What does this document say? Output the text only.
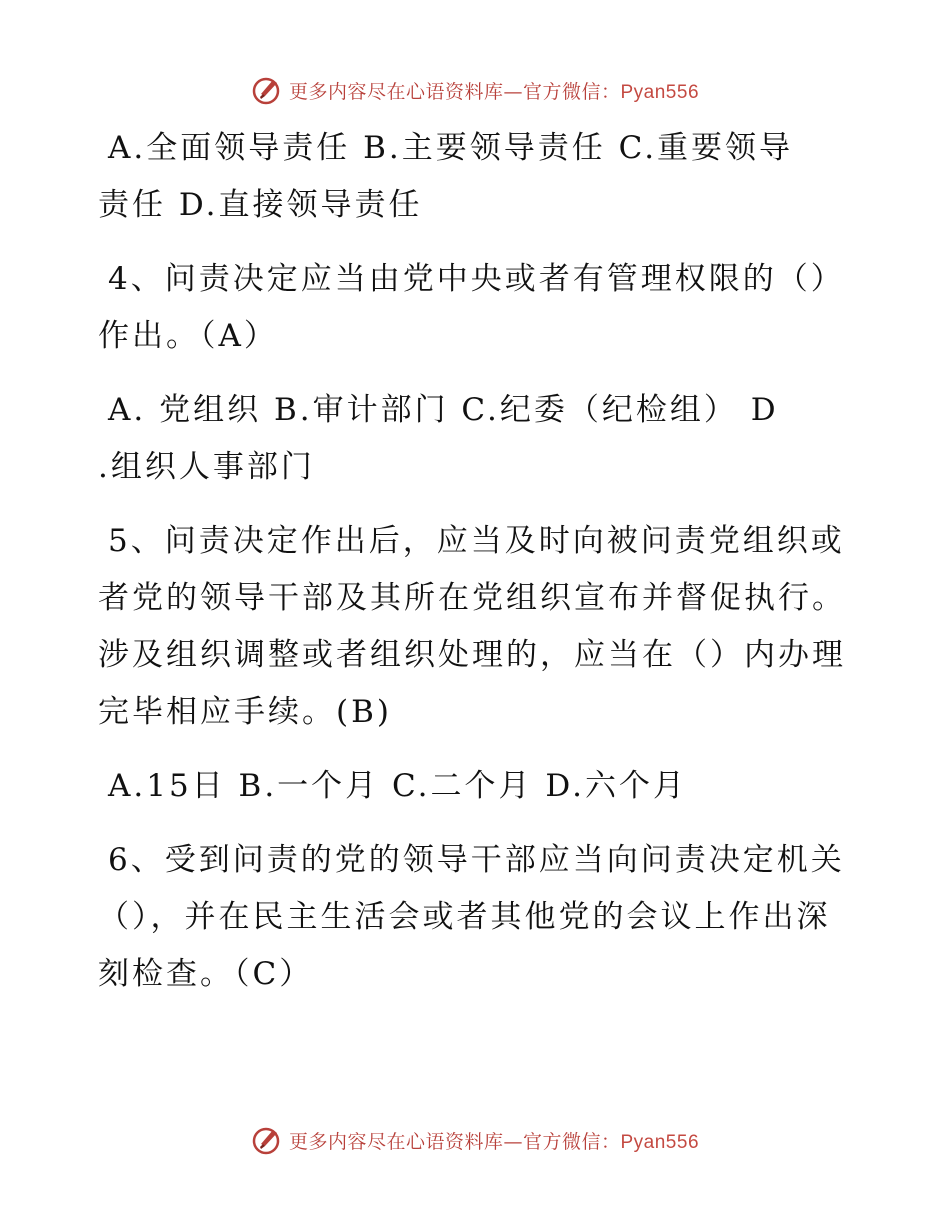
更多内容尽在心语资料库—官方微信：Pyan556
A.全面领导责任 B.主要领导责任 C.重要领导
责任 D.直接领导责任
4、问责决定应当由党中央或者有管理权限的（）
作出。（A）
A. 党组织 B.审计部门 C.纪委（纪检组） D
.组织人事部门
5、问责决定作出后，应当及时向被问责党组织或
者党的领导干部及其所在党组织宣布并督促执行。
涉及组织调整或者组织处理的，应当在（）内办理
完毕相应手续。(B)
A.15日 B.一个月 C.二个月 D.六个月
6、受到问责的党的领导干部应当向问责决定机关
（），并在民主生活会或者其他党的会议上作出深
刻检查。（C）
更多内容尽在心语资料库—官方微信：Pyan556
